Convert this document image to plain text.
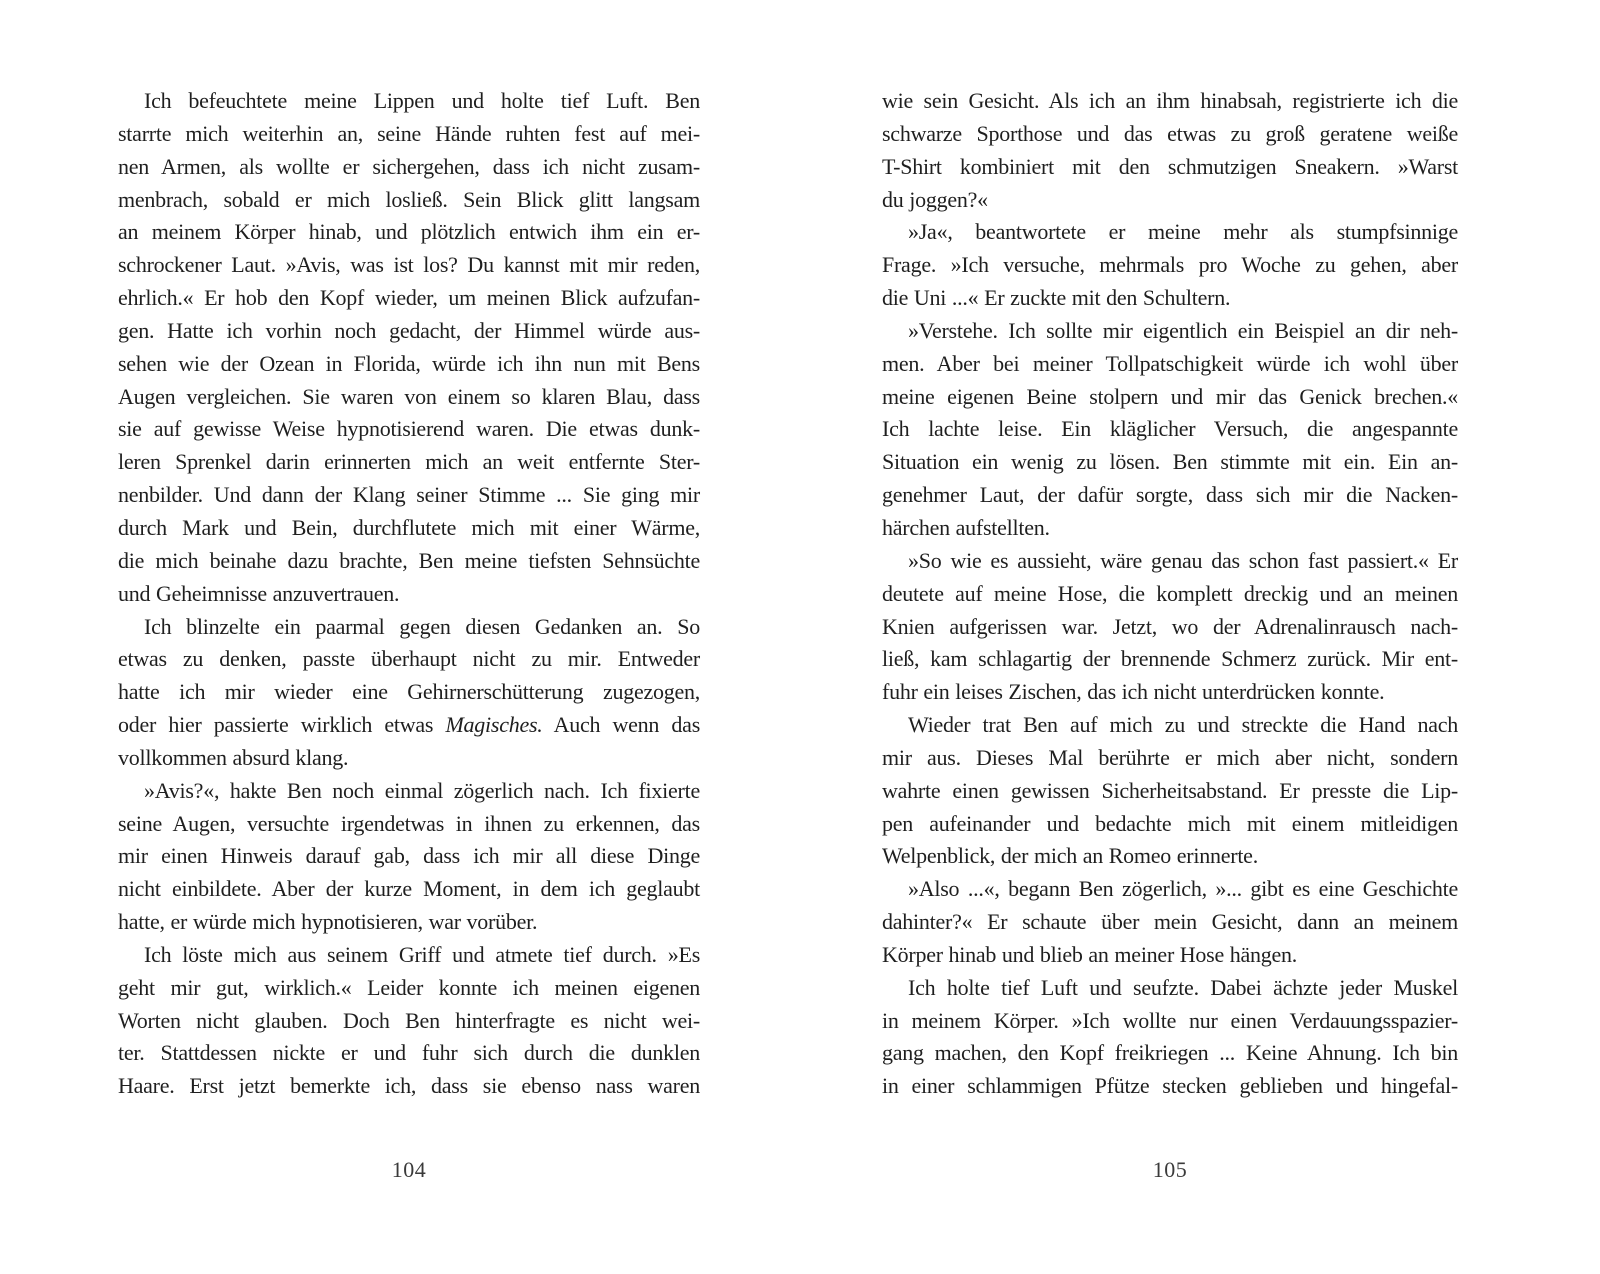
Ich befeuchtete meine Lippen und holte tief Luft. Ben
starrte mich weiterhin an, seine Hände ruhten fest auf mei-
nen Armen, als wollte er sichergehen, dass ich nicht zusam-
menbrach, sobald er mich losließ. Sein Blick glitt langsam
an meinem Körper hinab, und plötzlich entwich ihm ein er-
schrockener Laut. »Avis, was ist los? Du kannst mit mir reden,
ehrlich.« Er hob den Kopf wieder, um meinen Blick aufzufan-
gen. Hatte ich vorhin noch gedacht, der Himmel würde aus-
sehen wie der Ozean in Florida, würde ich ihn nun mit Bens
Augen vergleichen. Sie waren von einem so klaren Blau, dass
sie auf gewisse Weise hypnotisierend waren. Die etwas dunk-
leren Sprenkel darin erinnerten mich an weit entfernte Ster-
nenbilder. Und dann der Klang seiner Stimme ... Sie ging mir
durch Mark und Bein, durchflutete mich mit einer Wärme,
die mich beinahe dazu brachte, Ben meine tiefsten Sehnsüchte
und Geheimnisse anzuvertrauen.
Ich blinzelte ein paarmal gegen diesen Gedanken an. So
etwas zu denken, passte überhaupt nicht zu mir. Entweder
hatte ich mir wieder eine Gehirnerschütterung zugezogen,
oder hier passierte wirklich etwas Magisches. Auch wenn das
vollkommen absurd klang.
»Avis?«, hakte Ben noch einmal zögerlich nach. Ich fixierte
seine Augen, versuchte irgendetwas in ihnen zu erkennen, das
mir einen Hinweis darauf gab, dass ich mir all diese Dinge
nicht einbildete. Aber der kurze Moment, in dem ich geglaubt
hatte, er würde mich hypnotisieren, war vorüber.
Ich löste mich aus seinem Griff und atmete tief durch. »Es
geht mir gut, wirklich.« Leider konnte ich meinen eigenen
Worten nicht glauben. Doch Ben hinterfragte es nicht wei-
ter. Stattdessen nickte er und fuhr sich durch die dunklen
Haare. Erst jetzt bemerkte ich, dass sie ebenso nass waren
104
wie sein Gesicht. Als ich an ihm hinabsah, registrierte ich die
schwarze Sporthose und das etwas zu groß geratene weiße
T-Shirt kombiniert mit den schmutzigen Sneakern. »Warst
du joggen?«
»Ja«, beantwortete er meine mehr als stumpfsinnige
Frage. »Ich versuche, mehrmals pro Woche zu gehen, aber
die Uni ...« Er zuckte mit den Schultern.
»Verstehe. Ich sollte mir eigentlich ein Beispiel an dir neh-
men. Aber bei meiner Tollpatschigkeit würde ich wohl über
meine eigenen Beine stolpern und mir das Genick brechen.«
Ich lachte leise. Ein kläglicher Versuch, die angespannte
Situation ein wenig zu lösen. Ben stimmte mit ein. Ein an-
genehmer Laut, der dafür sorgte, dass sich mir die Nacken-
härchen aufstellten.
»So wie es aussieht, wäre genau das schon fast passiert.« Er
deutete auf meine Hose, die komplett dreckig und an meinen
Knien aufgerissen war. Jetzt, wo der Adrenalinrausch nach-
ließ, kam schlagartig der brennende Schmerz zurück. Mir ent-
fuhr ein leises Zischen, das ich nicht unterdrücken konnte.
Wieder trat Ben auf mich zu und streckte die Hand nach
mir aus. Dieses Mal berührte er mich aber nicht, sondern
wahrte einen gewissen Sicherheitsabstand. Er presste die Lip-
pen aufeinander und bedachte mich mit einem mitleidigen
Welpenblick, der mich an Romeo erinnerte.
»Also ...«, begann Ben zögerlich, »... gibt es eine Geschichte
dahinter?« Er schaute über mein Gesicht, dann an meinem
Körper hinab und blieb an meiner Hose hängen.
Ich holte tief Luft und seufzte. Dabei ächzte jeder Muskel
in meinem Körper. »Ich wollte nur einen Verdauungsspazier-
gang machen, den Kopf freikriegen ... Keine Ahnung. Ich bin
in einer schlammigen Pfütze stecken geblieben und hingefal-
105
